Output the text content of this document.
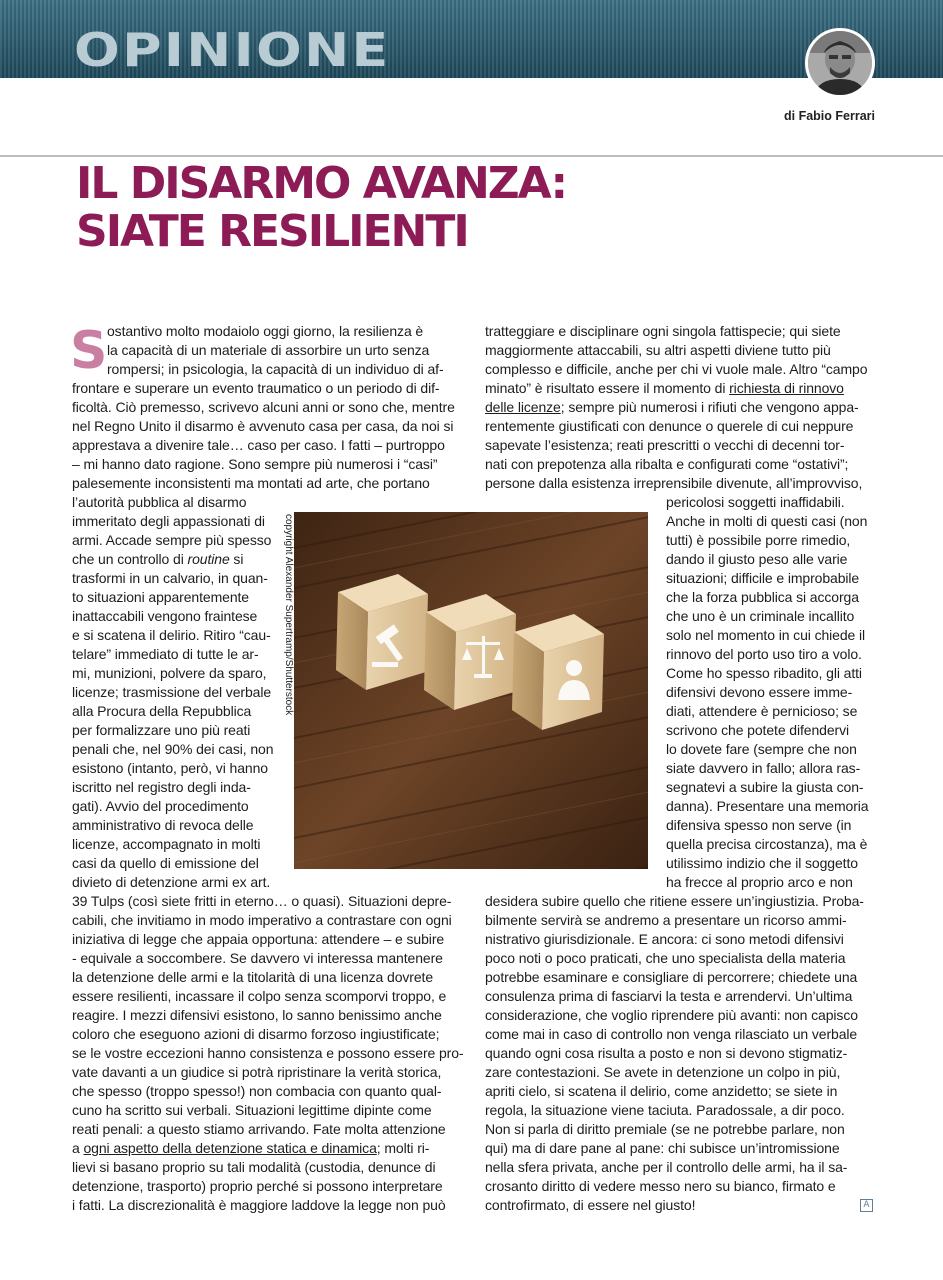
OPINIONE
di Fabio Ferrari
IL DISARMO AVANZA:
SIATE RESILIENTI
S ostantivo molto modaiolo oggi giorno, la resilienza è
la capacità di un materiale di assorbire un urto senza
rompersi; in psicologia, la capacità di un individuo di af-
frontare e superare un evento traumatico o un periodo di dif-
ficoltà. Ciò premesso, scrivevo alcuni anni or sono che, mentre
nel Regno Unito il disarmo è avvenuto casa per casa, da noi si
apprestava a divenire tale… caso per caso. I fatti – purtroppo
– mi hanno dato ragione. Sono sempre più numerosi i “casi”
palesemente inconsistenti ma montati ad arte, che portano
l’autorità pubblica al disarmo
immeritato degli appassionati di
armi. Accade sempre più spesso
che un controllo di routine si
trasformi in un calvario, in quan-
to situazioni apparentemente
inattaccabili vengono fraintese
e si scatena il delirio. Ritiro “cau-
telare” immediato di tutte le ar-
mi, munizioni, polvere da sparo,
licenze; trasmissione del verbale
alla Procura della Repubblica
per formalizzare uno più reati
penali che, nel 90% dei casi, non
esistono (intanto, però, vi hanno
iscritto nel registro degli inda-
gati). Avvio del procedimento
amministrativo di revoca delle
licenze, accompagnato in molti
casi da quello di emissione del
divieto di detenzione armi ex art.
39 Tulps (così siete fritti in eterno… o quasi). Situazioni depre-
cabili, che invitiamo in modo imperativo a contrastare con ogni
iniziativa di legge che appaia opportuna: attendere – e subire
- equivale a soccombere. Se davvero vi interessa mantenere
la detenzione delle armi e la titolarità di una licenza dovrete
essere resilienti, incassare il colpo senza scomporvi troppo, e
reagire. I mezzi difensivi esistono, lo sanno benissimo anche
coloro che eseguono azioni di disarmo forzoso ingiustificate;
se le vostre eccezioni hanno consistenza e possono essere pro-
vate davanti a un giudice si potrà ripristinare la verità storica,
che spesso (troppo spesso!) non combacia con quanto qual-
cuno ha scritto sui verbali. Situazioni legittime dipinte come
reati penali: a questo stiamo arrivando. Fate molta attenzione
a ogni aspetto della detenzione statica e dinamica; molti ri-
lievi si basano proprio su tali modalità (custodia, denunce di
detenzione, trasporto) proprio perché si possono interpretare
i fatti. La discrezionalità è maggiore laddove la legge non può
tratteggiare e disciplinare ogni singola fattispecie; qui siete
maggiormente attaccabili, su altri aspetti diviene tutto più
complesso e difficile, anche per chi vi vuole male. Altro “campo
minato” è risultato essere il momento di richiesta di rinnovo
delle licenze; sempre più numerosi i rifiuti che vengono appa-
rentemente giustificati con denunce o querele di cui neppure
sapevate l’esistenza; reati prescritti o vecchi di decenni tor-
nati con prepotenza alla ribalta e configurati come “ostativi”;
persone dalla esistenza irreprensibile divenute, all’improvviso,
pericolosi soggetti inaffidabili.
Anche in molti di questi casi (non
tutti) è possibile porre rimedio,
dando il giusto peso alle varie
situazioni; difficile e improbabile
che la forza pubblica si accorga
che uno è un criminale incallito
solo nel momento in cui chiede il
rinnovo del porto uso tiro a volo.
Come ho spesso ribadito, gli atti
difensivi devono essere imme-
diati, attendere è pernicioso; se
scrivono che potete difendervi
lo dovete fare (sempre che non
siate davvero in fallo; allora ras-
segnatevi a subire la giusta con-
danna). Presentare una memoria
difensiva spesso non serve (in
quella precisa circostanza), ma è
utilissimo indizio che il soggetto
ha frecce al proprio arco e non
desidera subire quello che ritiene essere un’ingiustizia. Proba-
bilmente servirà se andremo a presentare un ricorso ammi-
nistrativo giurisdizionale. E ancora: ci sono metodi difensivi
poco noti o poco praticati, che uno specialista della materia
potrebbe esaminare e consigliare di percorrere; chiedete una
consulenza prima di fasciarvi la testa e arrendervi. Un’ultima
considerazione, che voglio riprendere più avanti: non capisco
come mai in caso di controllo non venga rilasciato un verbale
quando ogni cosa risulta a posto e non si devono stigmatiz-
zare contestazioni. Se avete in detenzione un colpo in più,
apriti cielo, si scatena il delirio, come anzidetto; se siete in
regola, la situazione viene taciuta. Paradossale, a dir poco.
Non si parla di diritto premiale (se ne potrebbe parlare, non
qui) ma di dare pane al pane: chi subisce un’intromissione
nella sfera privata, anche per il controllo delle armi, ha il sa-
crosanto diritto di vedere messo nero su bianco, firmato e
controfirmato, di essere nel giusto!
copyright Alexander Supertramp/Shutterstock
A
